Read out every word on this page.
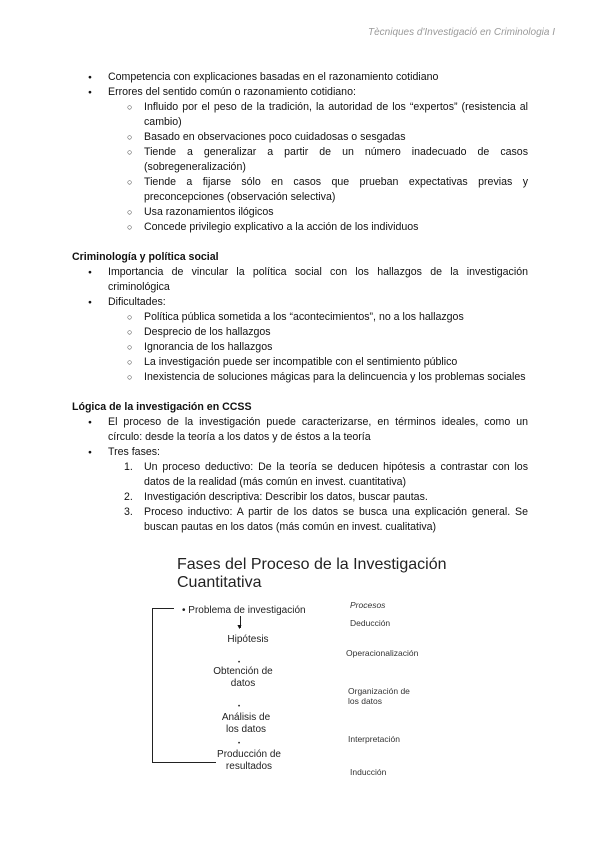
Tècniques d'Investigació en Criminologia I
● Competencia con explicaciones basadas en el razonamiento cotidiano
● Errores del sentido común o razonamiento cotidiano:
○ Influido por el peso de la tradición, la autoridad de los “expertos” (resistencia al cambio)
○ Basado en observaciones poco cuidadosas o sesgadas
○ Tiende a generalizar a partir de un número inadecuado de casos (sobregeneralización)
○ Tiende a fijarse sólo en casos que prueban expectativas previas y preconcepciones (observación selectiva)
○ Usa razonamientos ilógicos
○ Concede privilegio explicativo a la acción de los individuos
Criminología y política social
● Importancia de vincular la política social con los hallazgos de la investigación criminológica
● Dificultades:
○ Política pública sometida a los “acontecimientos”, no a los hallazgos
○ Desprecio de los hallazgos
○ Ignorancia de los hallazgos
○ La investigación puede ser incompatible con el sentimiento público
○ Inexistencia de soluciones mágicas para la delincuencia y los problemas sociales
Lógica de la investigación en CCSS
● El proceso de la investigación puede caracterizarse, en términos ideales, como un círculo: desde la teoría a los datos y de éstos a la teoría
● Tres fases:
1. Un proceso deductivo: De la teoría se deducen hipótesis a contrastar con los datos de la realidad (más común en invest. cuantitativa)
2. Investigación descriptiva: Describir los datos, buscar pautas.
3. Proceso inductivo: A partir de los datos se busca una explicación general. Se buscan pautas en los datos (más común en invest. cualitativa)
Fases del Proceso de la Investigación
Cuantitativa
• Problema de investigación
▼
Hipótesis
•
Obtención de datos
•
Análisis de los datos
•
Producción de resultados
Procesos
Deducción
Operacionalización
Organización de los datos
Interpretación
Inducción
